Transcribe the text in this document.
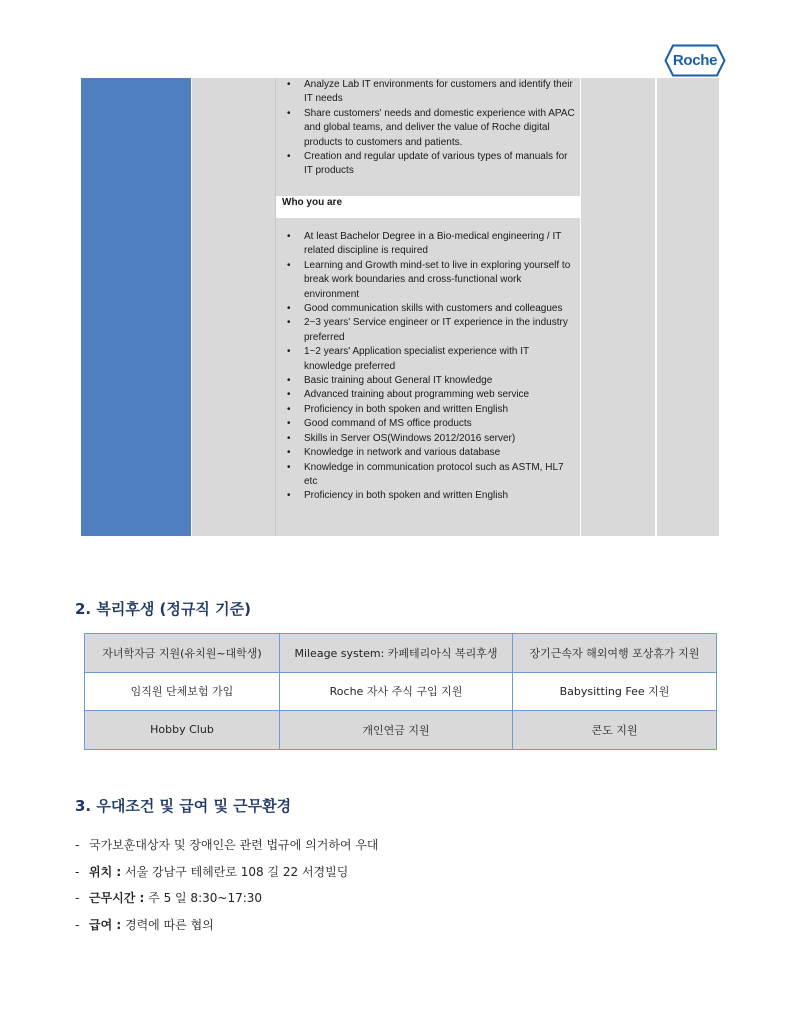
Roche
• Analyze Lab IT environments for customers and identify their IT needs
• Share customers' needs and domestic experience with APAC and global teams, and deliver the value of Roche digital products to customers and patients.
• Creation and regular update of various types of manuals for IT products
• At least Bachelor Degree in a Bio-medical engineering / IT related discipline is required
• Learning and Growth mind-set to live in exploring yourself to break work boundaries and cross-functional work environment
• Good communication skills with customers and colleagues
• 2~3 years' Service engineer or IT experience in the industry preferred
• 1~2 years' Application specialist experience with IT knowledge preferred
• Basic training about General IT knowledge
• Advanced training about programming web service
• Proficiency in both spoken and written English
• Good command of MS office products
• Skills in Server OS(Windows 2012/2016 server)
• Knowledge in network and various database
• Knowledge in communication protocol such as ASTM, HL7 etc
• Proficiency in both spoken and written English
Who you are
2. 복리후생 (정규직 기준)
자녀학자금 지원(유치원~대학생)	Mileage system: 카페테리아식 복리후생	장기근속자 해외여행 포상휴가 지원
임직원 단체보험 가입	Roche 자사 주식 구입 지원	Babysitting Fee 지원
Hobby Club	개인연금 지원	콘도 지원
3. 우대조건 및 급여 및 근무환경
- 국가보훈대상자 및 장애인은 관련 법규에 의거하여 우대
- 위치 : 서울 강남구 테헤란로 108 길 22 서경빌딩
- 근무시간 : 주 5 일 8:30~17:30
- 급여 : 경력에 따른 협의
